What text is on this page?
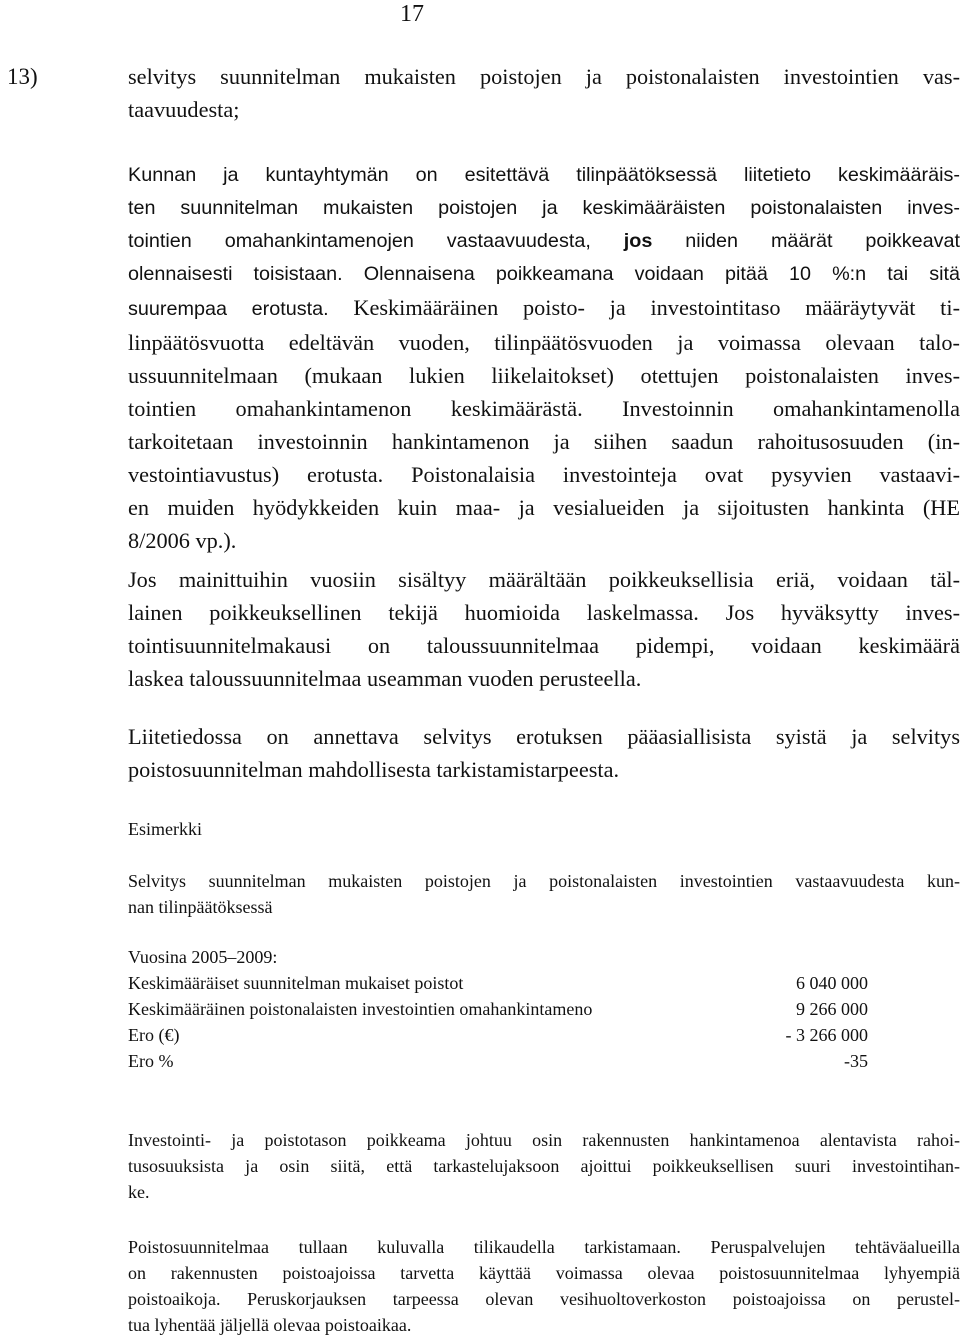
17
13)	selvitys suunnitelman mukaisten poistojen ja poistonalaisten investointien vas-
taavuudesta;
Kunnan ja kuntayhtymän on esitettävä tilinpäätöksessä liitetieto keskimääräis-
ten suunnitelman mukaisten poistojen ja keskimääräisten poistonalaisten inves-
tointien omahankintamenojen vastaavuudesta, jos niiden määrät poikkeavat
olennaisesti toisistaan. Olennaisena poikkeamana voidaan pitää 10 %:n tai sitä
suurempaa erotusta. Keskimääräinen poisto- ja investointitaso määräytyvät ti-
linpäätösvuotta edeltävän vuoden, tilinpäätösvuoden ja voimassa olevaan talo-
ussuunnitelmaan (mukaan lukien liikelaitokset) otettujen poistonalaisten inves-
tointien omahankintamenon keskimäärästä. Investoinnin omahankintamenolla
tarkoitetaan investoinnin hankintamenon ja siihen saadun rahoitusosuuden (in-
vestointiavustus) erotusta. Poistonalaisia investointeja ovat pysyvien vastaavi-
en muiden hyödykkeiden kuin maa- ja vesialueiden ja sijoitusten hankinta (HE
8/2006 vp.).
Jos mainittuihin vuosiin sisältyy määrältään poikkeuksellisia eriä, voidaan täl-
lainen poikkeuksellinen tekijä huomioida laskelmassa. Jos hyväksytty inves-
tointisuunnitelmakausi on taloussuunnitelmaa pidempi, voidaan keskimäärä
laskea taloussuunnitelmaa useamman vuoden perusteella.
Liitetiedossa on annettava selvitys erotuksen pääasiallisista syistä ja selvitys
poistosuunnitelman mahdollisesta tarkistamistarpeesta.
Esimerkki
Selvitys suunnitelman mukaisten poistojen ja poistonalaisten investointien vastaavuudesta kun-
nan tilinpäätöksessä
Vuosina 2005–2009:
Keskimääräiset suunnitelman mukaiset poistot	6 040 000
Keskimääräinen poistonalaisten investointien omahankintameno	9 266 000
Ero (€)	- 3 266 000
Ero %	-35
Investointi- ja poistotason poikkeama johtuu osin rakennusten hankintamenoa alentavista rahoi-
tusosuuksista ja osin siitä, että tarkastelujaksoon ajoittui poikkeuksellisen suuri investointihan-
ke.
Poistosuunnitelmaa tullaan kuluvalla tilikaudella tarkistamaan. Peruspalvelujen tehtäväalueilla
on rakennusten poistoajoissa tarvetta käyttää voimassa olevaa poistosuunnitelmaa lyhyempiä
poistoaikoja. Peruskorjauksen tarpeessa olevan vesihuoltoverkoston poistoajoissa on perustel-
tua lyhentää jäljellä olevaa poistoaikaa.
